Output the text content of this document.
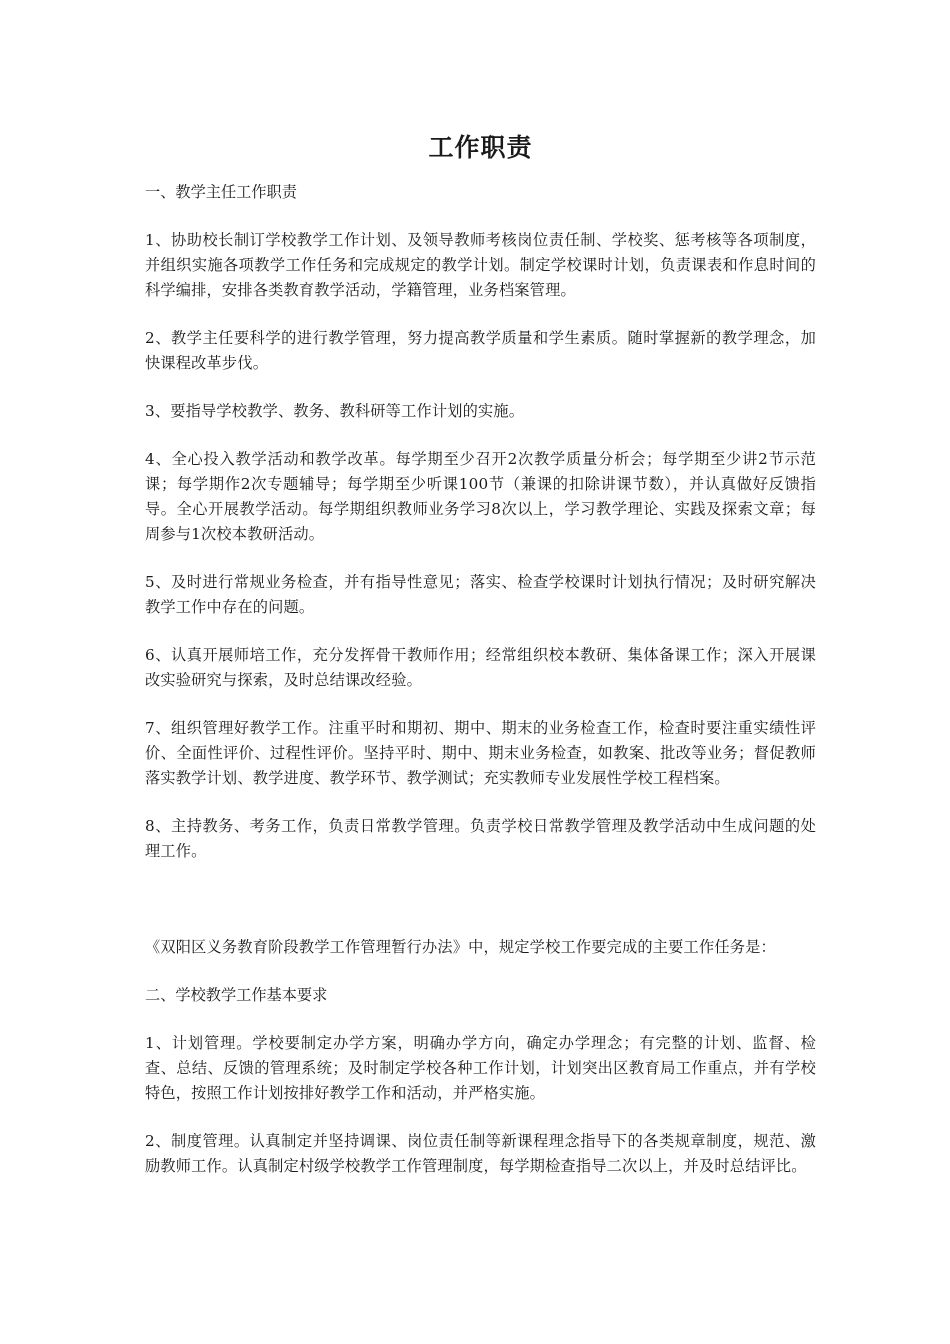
工作职责
一、教学主任工作职责
1、协助校长制订学校教学工作计划、及领导教师考核岗位责任制、学校奖、惩考核等各项制度，并组织实施各项教学工作任务和完成规定的教学计划。制定学校课时计划，负责课表和作息时间的科学编排，安排各类教育教学活动，学籍管理，业务档案管理。
2、教学主任要科学的进行教学管理，努力提高教学质量和学生素质。随时掌握新的教学理念，加快课程改革步伐。
3、要指导学校教学、教务、教科研等工作计划的实施。
4、全心投入教学活动和教学改革。每学期至少召开2次教学质量分析会；每学期至少讲2节示范课；每学期作2次专题辅导；每学期至少听课100节（兼课的扣除讲课节数），并认真做好反馈指导。全心开展教学活动。每学期组织教师业务学习8次以上，学习教学理论、实践及探索文章；每周参与1次校本教研活动。
5、及时进行常规业务检查，并有指导性意见；落实、检查学校课时计划执行情况；及时研究解决教学工作中存在的问题。
6、认真开展师培工作，充分发挥骨干教师作用；经常组织校本教研、集体备课工作；深入开展课改实验研究与探索，及时总结课改经验。
7、组织管理好教学工作。注重平时和期初、期中、期末的业务检查工作，检查时要注重实绩性评价、全面性评价、过程性评价。坚持平时、期中、期末业务检查，如教案、批改等业务；督促教师落实教学计划、教学进度、教学环节、教学测试；充实教师专业发展性学校工程档案。
8、主持教务、考务工作，负责日常教学管理。负责学校日常教学管理及教学活动中生成问题的处理工作。
《双阳区义务教育阶段教学工作管理暂行办法》中，规定学校工作要完成的主要工作任务是：
二、学校教学工作基本要求
1、计划管理。学校要制定办学方案，明确办学方向，确定办学理念；有完整的计划、监督、检查、总结、反馈的管理系统；及时制定学校各种工作计划，计划突出区教育局工作重点，并有学校特色，按照工作计划按排好教学工作和活动，并严格实施。
2、制度管理。认真制定并坚持调课、岗位责任制等新课程理念指导下的各类规章制度，规范、激励教师工作。认真制定村级学校教学工作管理制度，每学期检查指导二次以上，并及时总结评比。
